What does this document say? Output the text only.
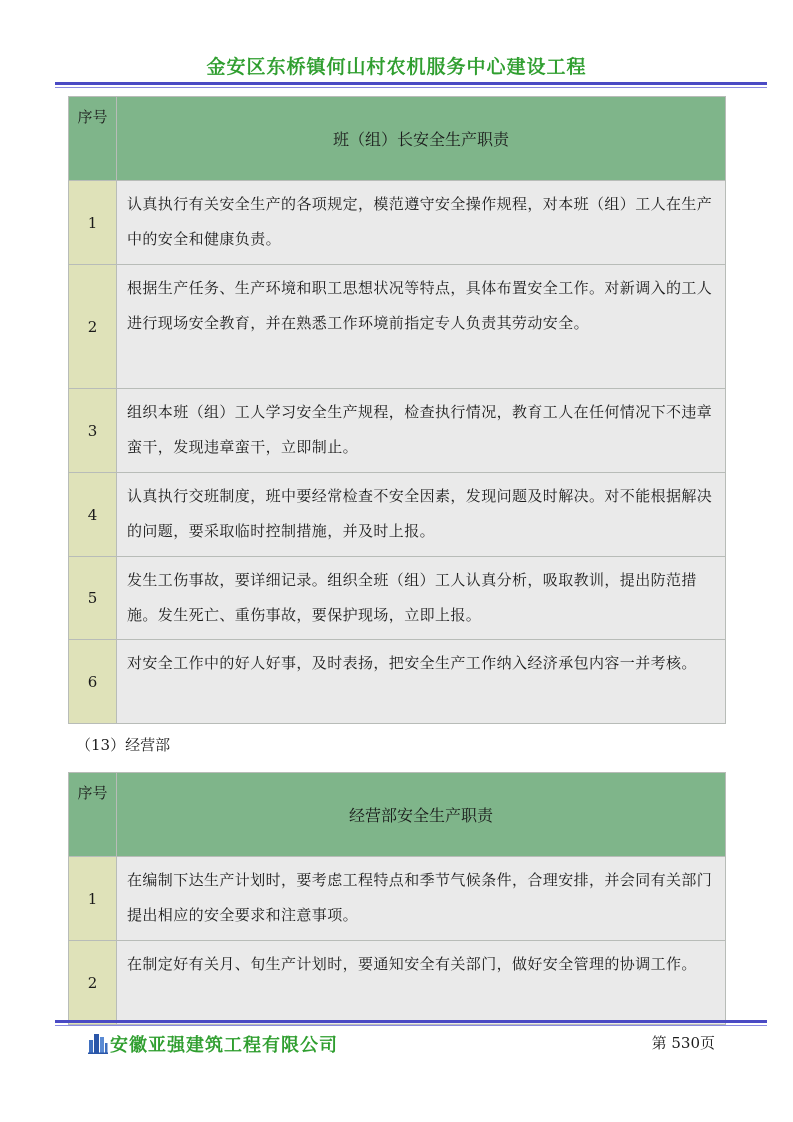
金安区东桥镇何山村农机服务中心建设工程
序号	班（组）长安全生产职责
1	认真执行有关安全生产的各项规定，模范遵守安全操作规程，对本班（组）工人在生产中的安全和健康负责。
2	根据生产任务、生产环境和职工思想状况等特点，具体布置安全工作。对新调入的工人进行现场安全教育，并在熟悉工作环境前指定专人负责其劳动安全。
3	组织本班（组）工人学习安全生产规程，检查执行情况，教育工人在任何情况下不违章蛮干，发现违章蛮干，立即制止。
4	认真执行交班制度，班中要经常检查不安全因素，发现问题及时解决。对不能根据解决的问题，要采取临时控制措施，并及时上报。
5	发生工伤事故，要详细记录。组织全班（组）工人认真分析，吸取教训，提出防范措施。发生死亡、重伤事故，要保护现场，立即上报。
6	对安全工作中的好人好事，及时表扬，把安全生产工作纳入经济承包内容一并考核。
（13）经营部
序号	经营部安全生产职责
1	在编制下达生产计划时，要考虑工程特点和季节气候条件，合理安排，并会同有关部门提出相应的安全要求和注意事项。
2	在制定好有关月、旬生产计划时，要通知安全有关部门，做好安全管理的协调工作。
安徽亚强建筑工程有限公司	第 530页
